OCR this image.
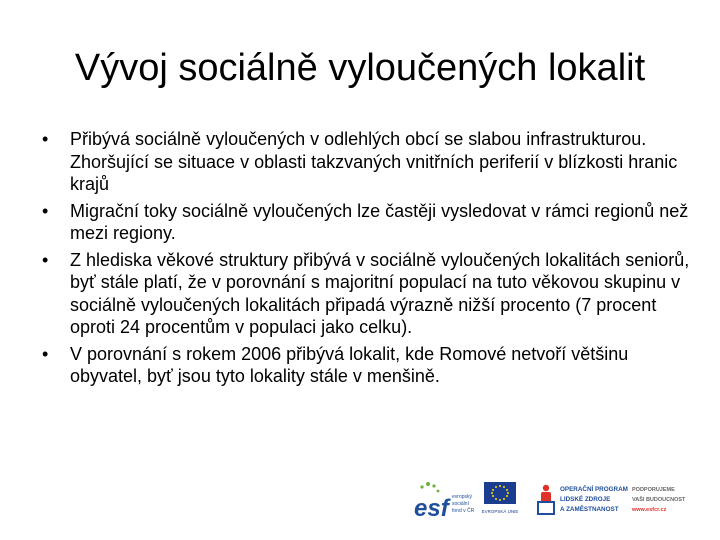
Vývoj sociálně vyloučených lokalit
• Přibývá sociálně vyloučených v odlehlých obcí se slabou infrastrukturou. Zhoršující se situace v oblasti takzvaných vnitřních periferií v blízkosti hranic krajů
• Migrační toky sociálně vyloučených lze častěji vysledovat v rámci regionů než mezi regiony.
• Z hlediska věkové struktury přibývá v sociálně vyloučených lokalitách seniorů, byť stále platí, že v porovnání s majoritní populací na tuto věkovou skupinu v sociálně vyloučených lokalitách připadá výrazně nižší procento (7 procent oproti 24 procentům v populaci jako celku).
• V porovnání s rokem 2006 přibývá lokalit, kde Romové netvoří většinu obyvatel, byť jsou tyto lokality stále v menšině.
esf evropský
sociální
fond v ČR EVROPSKÁ UNIE
OPERAČNÍ PROGRAM
LIDSKÉ ZDROJE
A ZAMĚSTNANOST
PODPORUJEME
VAŠI BUDOUCNOST
www.esfcr.cz
